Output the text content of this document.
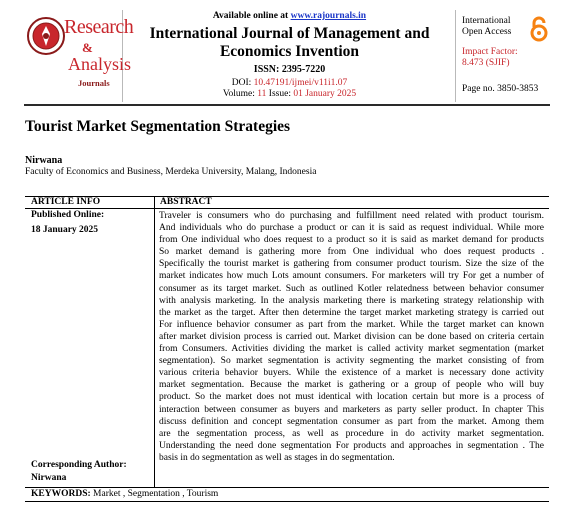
Research
&
Analysis
Journals
Available online at www.rajournals.in
International Journal of Management and Economics Invention
ISSN: 2395-7220
DOI: 10.47191/ijmei/v11i1.07
Volume: 11 Issue: 01 January 2025
International
Open Access
Impact Factor:
8.473 (SJIF)
Page no. 3850-3853
Tourist Market Segmentation Strategies
Nirwana
Faculty of Economics and Business, Merdeka University, Malang, Indonesia
ARTICLE INFO	ABSTRACT
Published Online:
18 January 2025
Traveler is consumers who do purchasing and fulfillment need related with product tourism.
And individuals who do purchase a product or can it is said as request individual. While more
from One individual who does request to a product so it is said as market demand for products
So market demand is gathering more from One individual who does request products .
Specifically the tourist market is gathering from consumer product tourism. Size the size of the
market indicates how much Lots amount consumers. For marketers will try For get a number of
consumer as its target market. Such as outlined Kotler relatedness between behavior consumer
with analysis marketing. In the analysis marketing there is marketing strategy relationship with
the market as the target. After then determine the target market marketing strategy is carried out
For influence behavior consumer as part from the market. While the target market can known
after market division process is carried out. Market division can be done based on criteria certain
from Consumers. Activities dividing the market is called activity market segmentation (market
segmentation). So market segmentation is activity segmenting the market consisting of from
various criteria behavior buyers. While the existence of a market is necessary done activity
market segmentation. Because the market is gathering or a group of people who will buy
product. So the market does not must identical with location certain but more is a process of
interaction between consumer as buyers and marketers as party seller product. In chapter This
discuss definition and concept segmentation consumer as part from the market. Among them
are the segmentation process, as well as procedure in do activity market segmentation.
Understanding the need done segmentation For products and approaches in segmentation . The
basis in do segmentation as well as stages in do segmentation.
Corresponding Author:
Nirwana
KEYWORDS: Market , Segmentation , Tourism
